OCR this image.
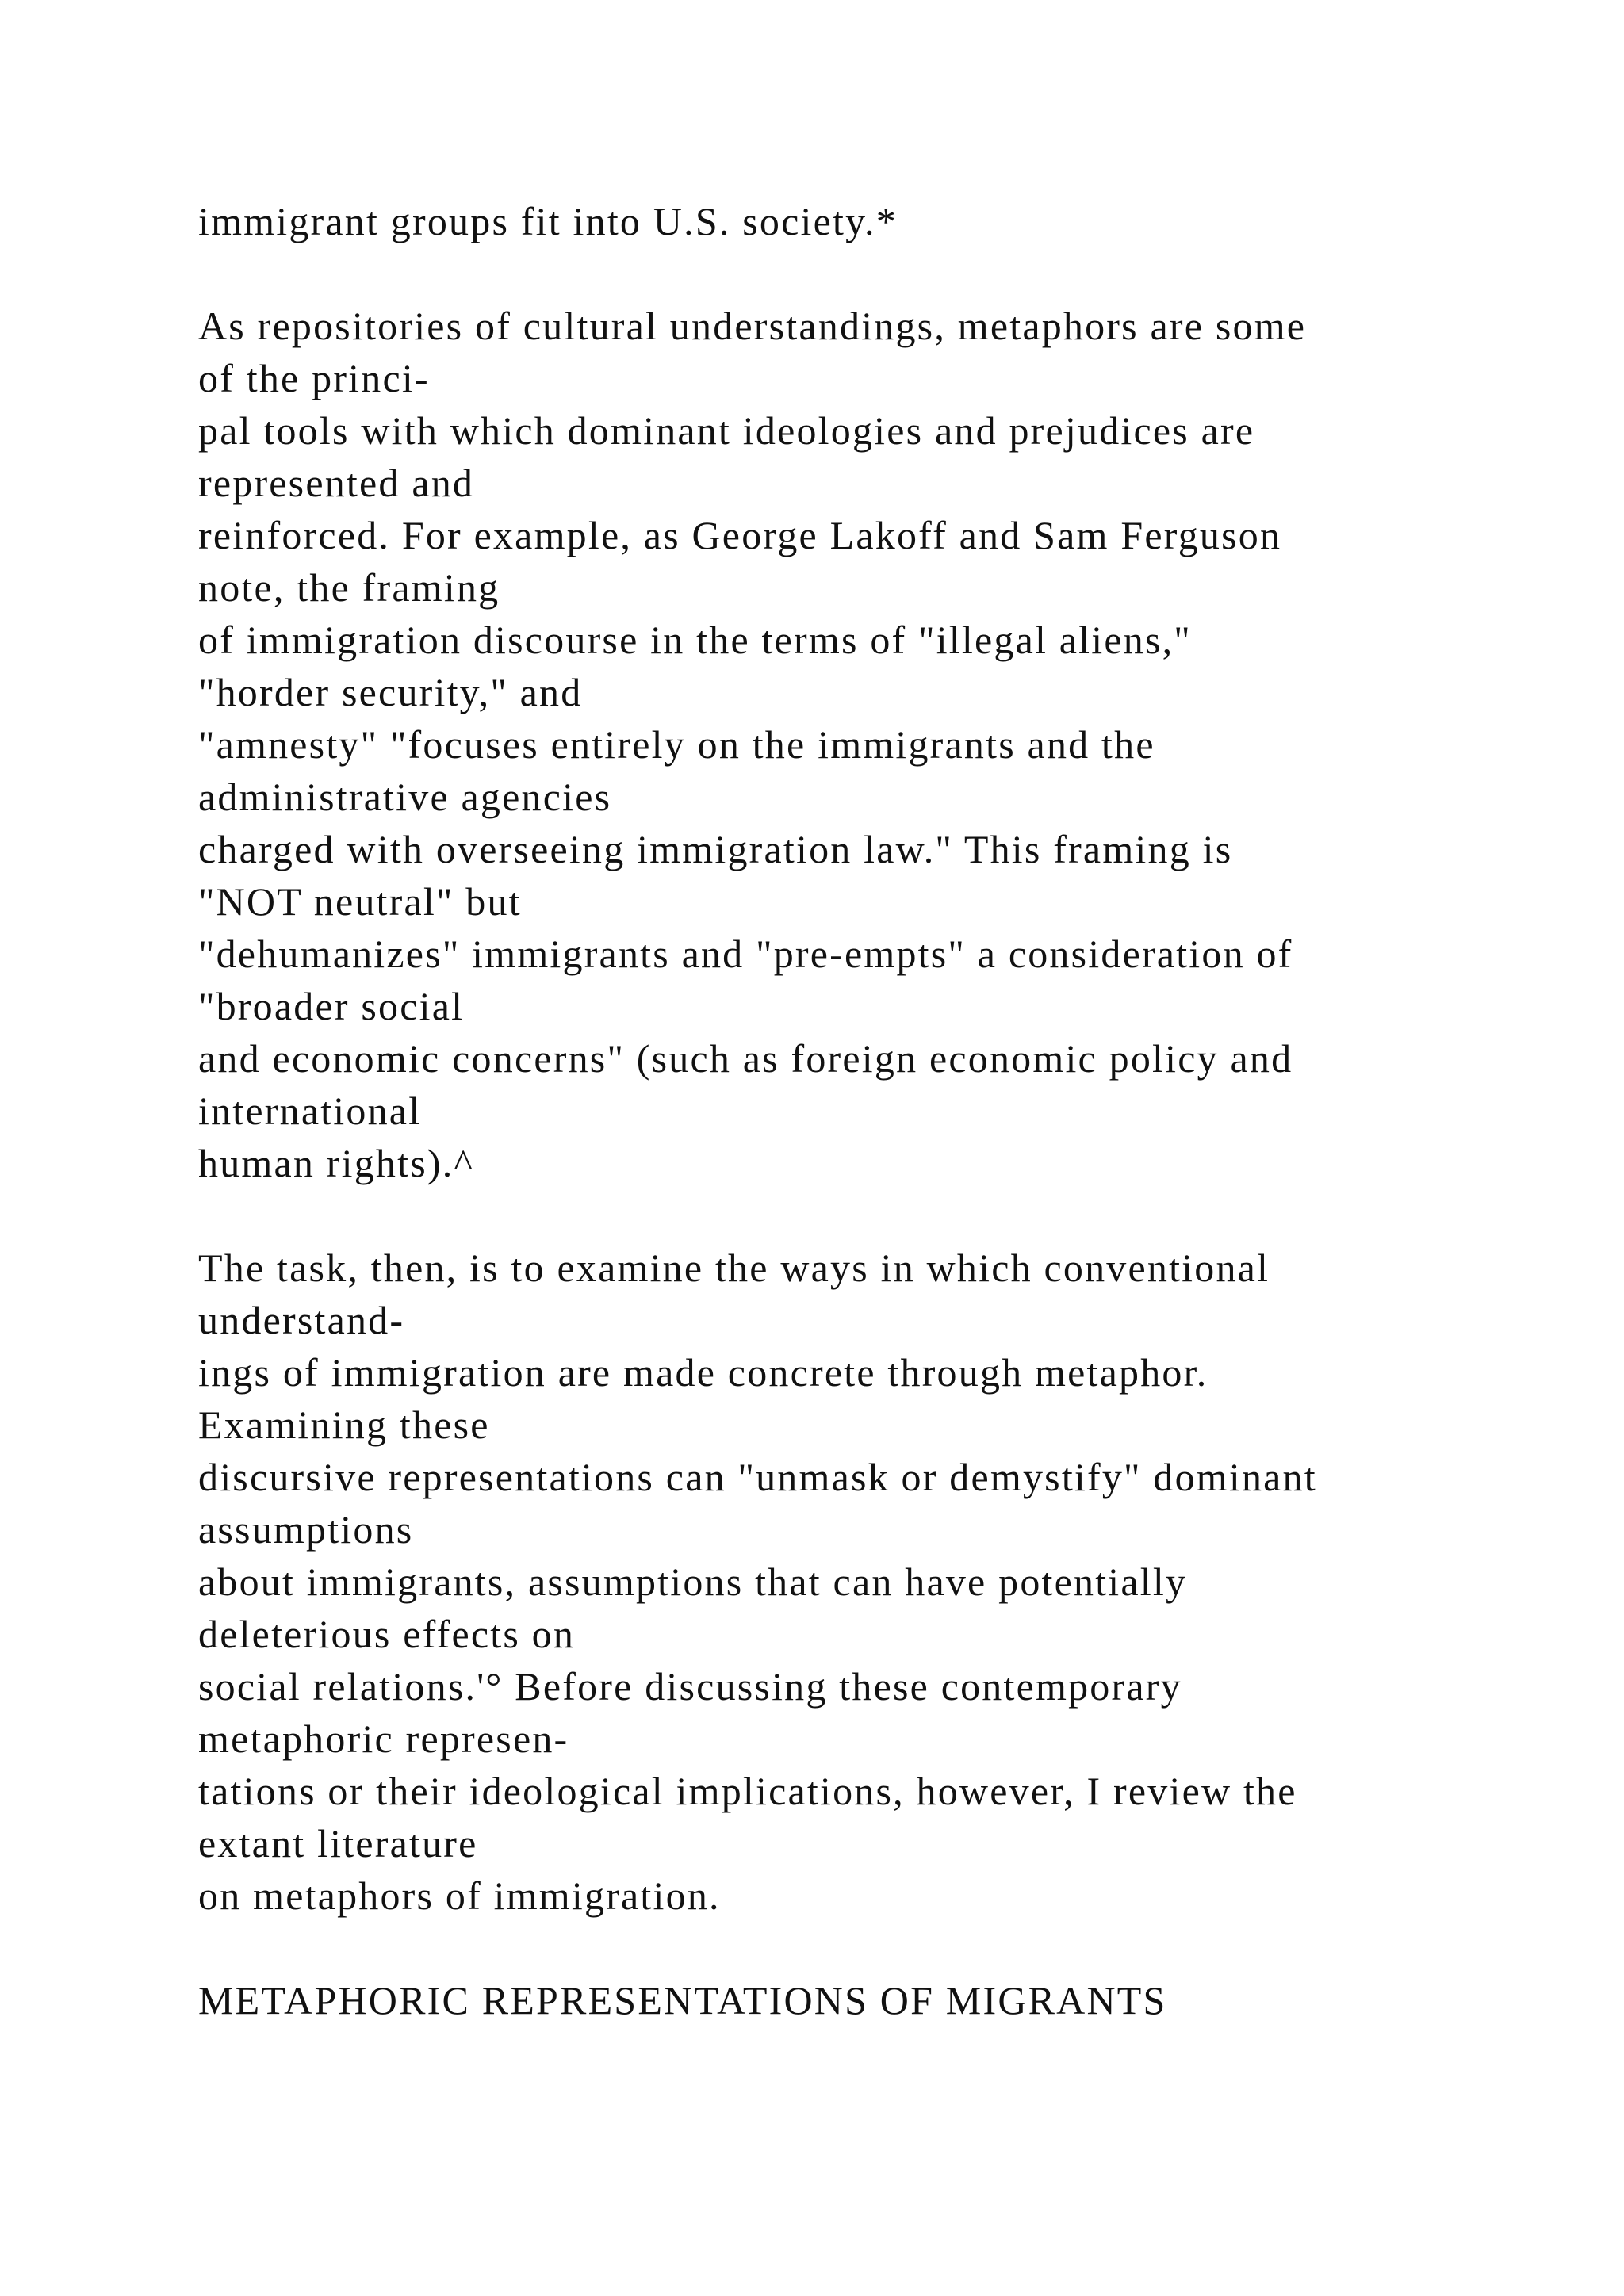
immigrant groups fit into U.S. society.*
As repositories of cultural understandings, metaphors are some
of the princi-
pal tools with which dominant ideologies and prejudices are
represented and
reinforced. For example, as George Lakoff and Sam Ferguson
note, the framing
of immigration discourse in the terms of "illegal aliens,"
"horder security," and
"amnesty" "focuses entirely on the immigrants and the
administrative agencies
charged with overseeing immigration law." This framing is
"NOT neutral" but
"dehumanizes" immigrants and "pre-empts" a consideration of
"broader social
and economic concerns" (such as foreign economic policy and
international
human rights).^
The task, then, is to examine the ways in which conventional
understand-
ings of immigration are made concrete through metaphor.
Examining these
discursive representations can "unmask or demystify" dominant
assumptions
about immigrants, assumptions that can have potentially
deleterious effects on
social relations.'° Before discussing these contemporary
metaphoric represen-
tations or their ideological implications, however, I review the
extant literature
on metaphors of immigration.
METAPHORIC REPRESENTATIONS OF MIGRANTS
